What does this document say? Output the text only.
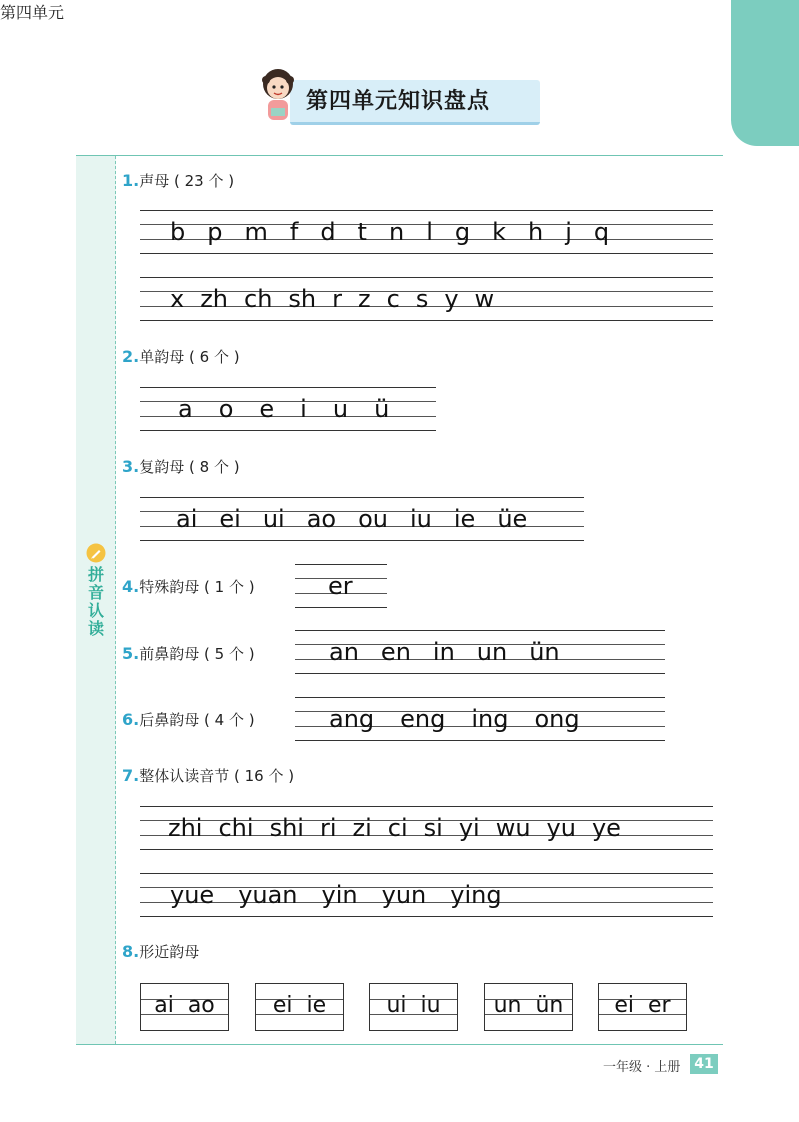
第四单元
第四单元知识盘点
拼音认读
1.声母 ( 23 个 )
2.单韵母 ( 6 个 )
3.复韵母 ( 8 个 )
4.特殊韵母 ( 1 个 )
5.前鼻韵母 ( 5 个 )
6.后鼻韵母 ( 4 个 )
7.整体认读音节 ( 16 个 )
8.形近韵母
b p m f d t n l g k h j q
x zh ch sh r z c s y w
a o e i u ü
ai ei ui ao ou iu ie üe
er
an en in un ün
ang eng ing ong
zhi chi shi ri zi ci si yi wu yu ye
yue yuan yin yun ying
ai  ao	ei  ie	ui  iu	un  ün	ei  er
一年级 · 上册 41
